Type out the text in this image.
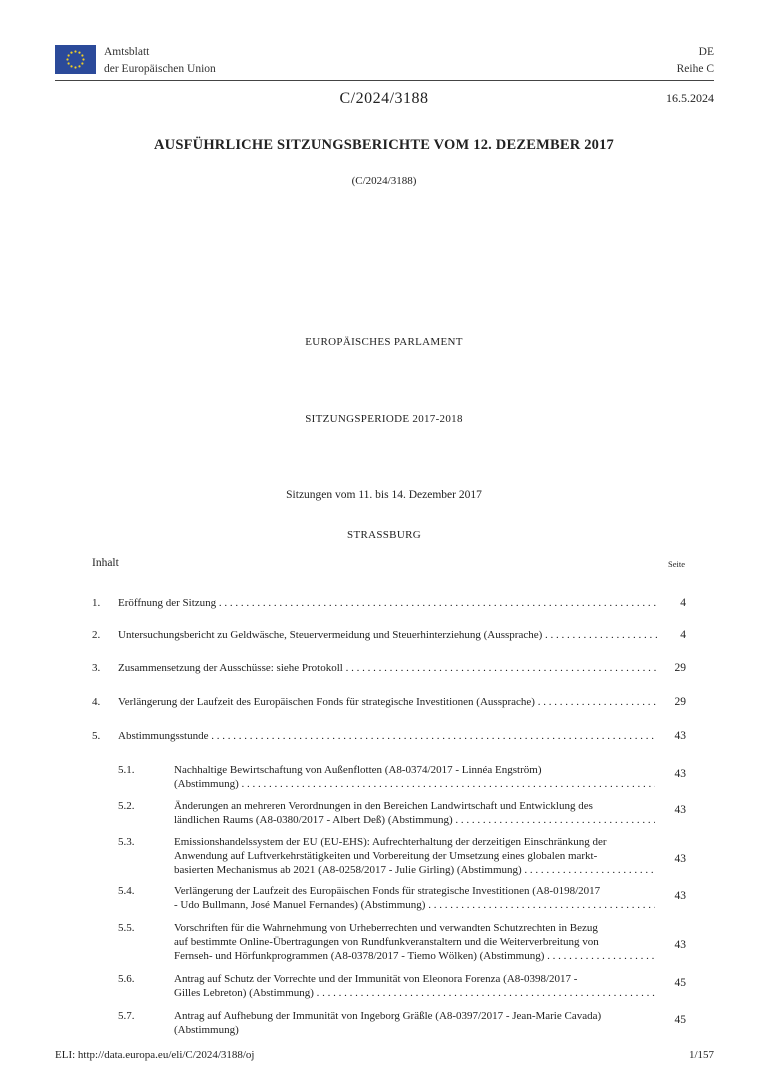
Amtsblatt
der Europäischen Union
DE
Reihe C
C/2024/3188	16.5.2024
AUSFÜHRLICHE SITZUNGSBERICHTE VOM 12. DEZEMBER 2017
(C/2024/3188)
EUROPÄISCHES PARLAMENT
SITZUNGSPERIODE 2017-2018
Sitzungen vom 11. bis 14. Dezember 2017
STRASSBURG
Inhalt	Seite
1. Eröffnung der Sitzung . . .	4
2. Untersuchungsbericht zu Geldwäsche, Steuervermeidung und Steuerhinterziehung (Aussprache) . . .	4
3. Zusammensetzung der Ausschüsse: siehe Protokoll . . .	29
4. Verlängerung der Laufzeit des Europäischen Fonds für strategische Investitionen (Aussprache) . . .	29
5. Abstimmungsstunde . . .	43
5.1.	Nachhaltige Bewirtschaftung von Außenflotten (A8-0374/2017 - Linnéa Engström)
(Abstimmung) . . .
43
5.2.	Änderungen an mehreren Verordnungen in den Bereichen Landwirtschaft und Entwicklung des
ländlichen Raums (A8-0380/2017 - Albert Deß) (Abstimmung) . . .
43
5.3.	Emissionshandelssystem der EU (EU-EHS): Aufrechterhaltung der derzeitigen Einschränkung der
Anwendung auf Luftverkehrstätigkeiten und Vorbereitung der Umsetzung eines globalen markt-
basierten Mechanismus ab 2021 (A8-0258/2017 - Julie Girling) (Abstimmung) . . .
43
5.4.	Verlängerung der Laufzeit des Europäischen Fonds für strategische Investitionen (A8-0198/2017
- Udo Bullmann, José Manuel Fernandes) (Abstimmung) . . .
43
5.5.	Vorschriften für die Wahrnehmung von Urheberrechten und verwandten Schutzrechten in Bezug
auf bestimmte Online-Übertragungen von Rundfunkveranstaltern und die Weiterverbreitung von
Fernseh- und Hörfunkprogrammen (A8-0378/2017 - Tiemo Wölken) (Abstimmung) . . .
43
5.6.	Antrag auf Schutz der Vorrechte und der Immunität von Eleonora Forenza (A8-0398/2017 -
Gilles Lebreton) (Abstimmung) . . .
45
5.7.	Antrag auf Aufhebung der Immunität von Ingeborg Gräßle (A8-0397/2017 - Jean-Marie Cavada)
(Abstimmung)
45
ELI: http://data.europa.eu/eli/C/2024/3188/oj	1/157
